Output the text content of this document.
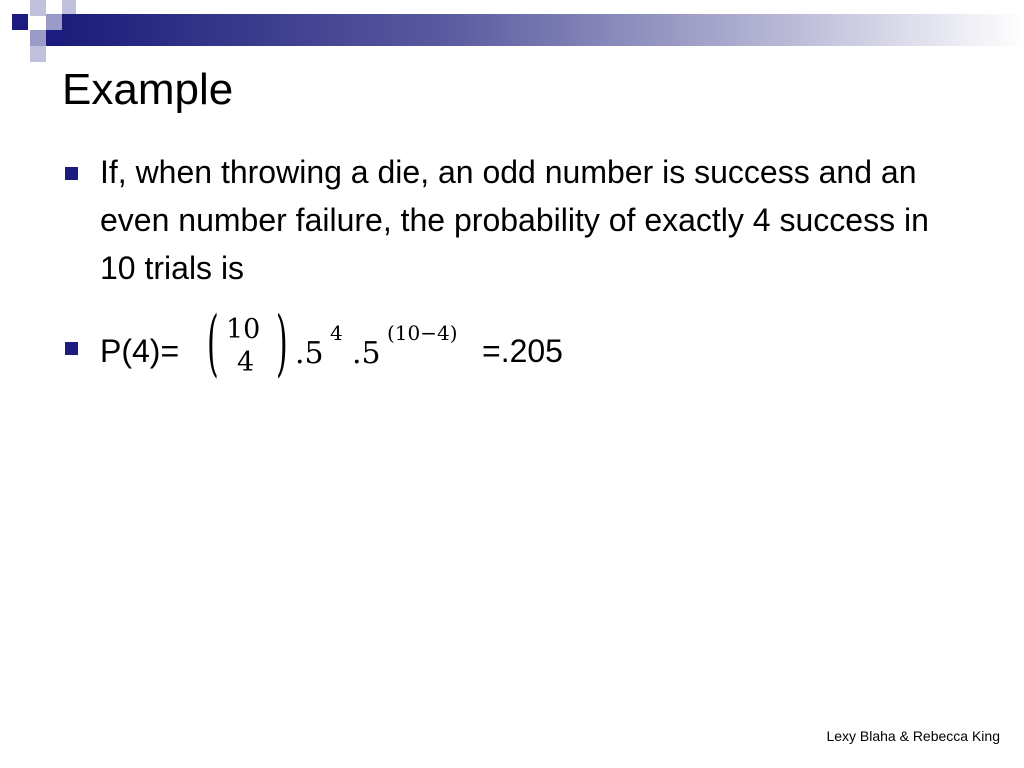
Example
If, when throwing a die, an odd number is success and an even number failure, the probability of exactly 4 success in 10 trials is
P(4)= ( 10
4 ) .5
4
.5
(10−4) =.205
Lexy Blaha & Rebecca King
